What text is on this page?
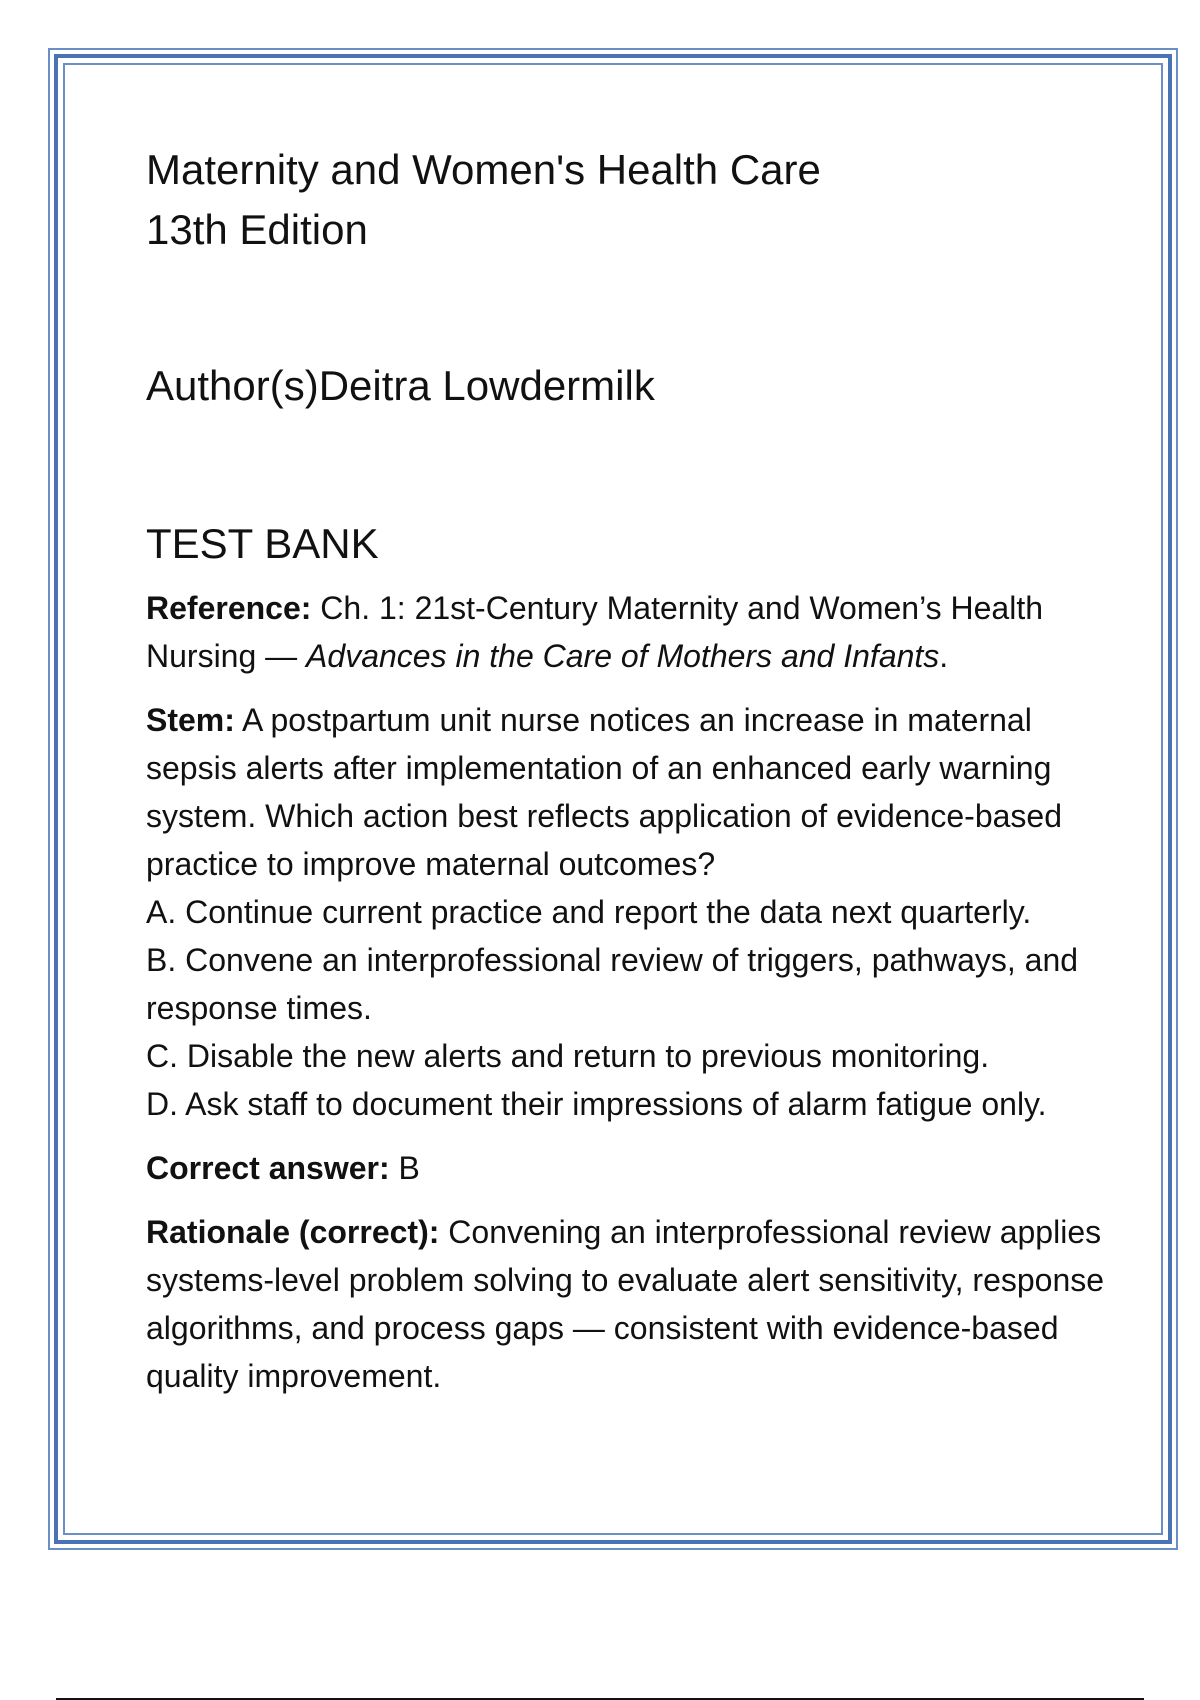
Maternity and Women's Health Care

13th Edition

Author(s)Deitra Lowdermilk

TEST BANK

Reference: Ch. 1: 21st-Century Maternity and Women’s Health Nursing — Advances in the Care of Mothers and Infants.

Stem: A postpartum unit nurse notices an increase in maternal sepsis alerts after implementation of an enhanced early warning system. Which action best reflects application of evidence-based practice to improve maternal outcomes?
A. Continue current practice and report the data next quarterly.
B. Convene an interprofessional review of triggers, pathways, and response times.
C. Disable the new alerts and return to previous monitoring.
D. Ask staff to document their impressions of alarm fatigue only.

Correct answer: B

Rationale (correct): Convening an interprofessional review applies systems-level problem solving to evaluate alert sensitivity, response algorithms, and process gaps — consistent with evidence-based quality improvement.
